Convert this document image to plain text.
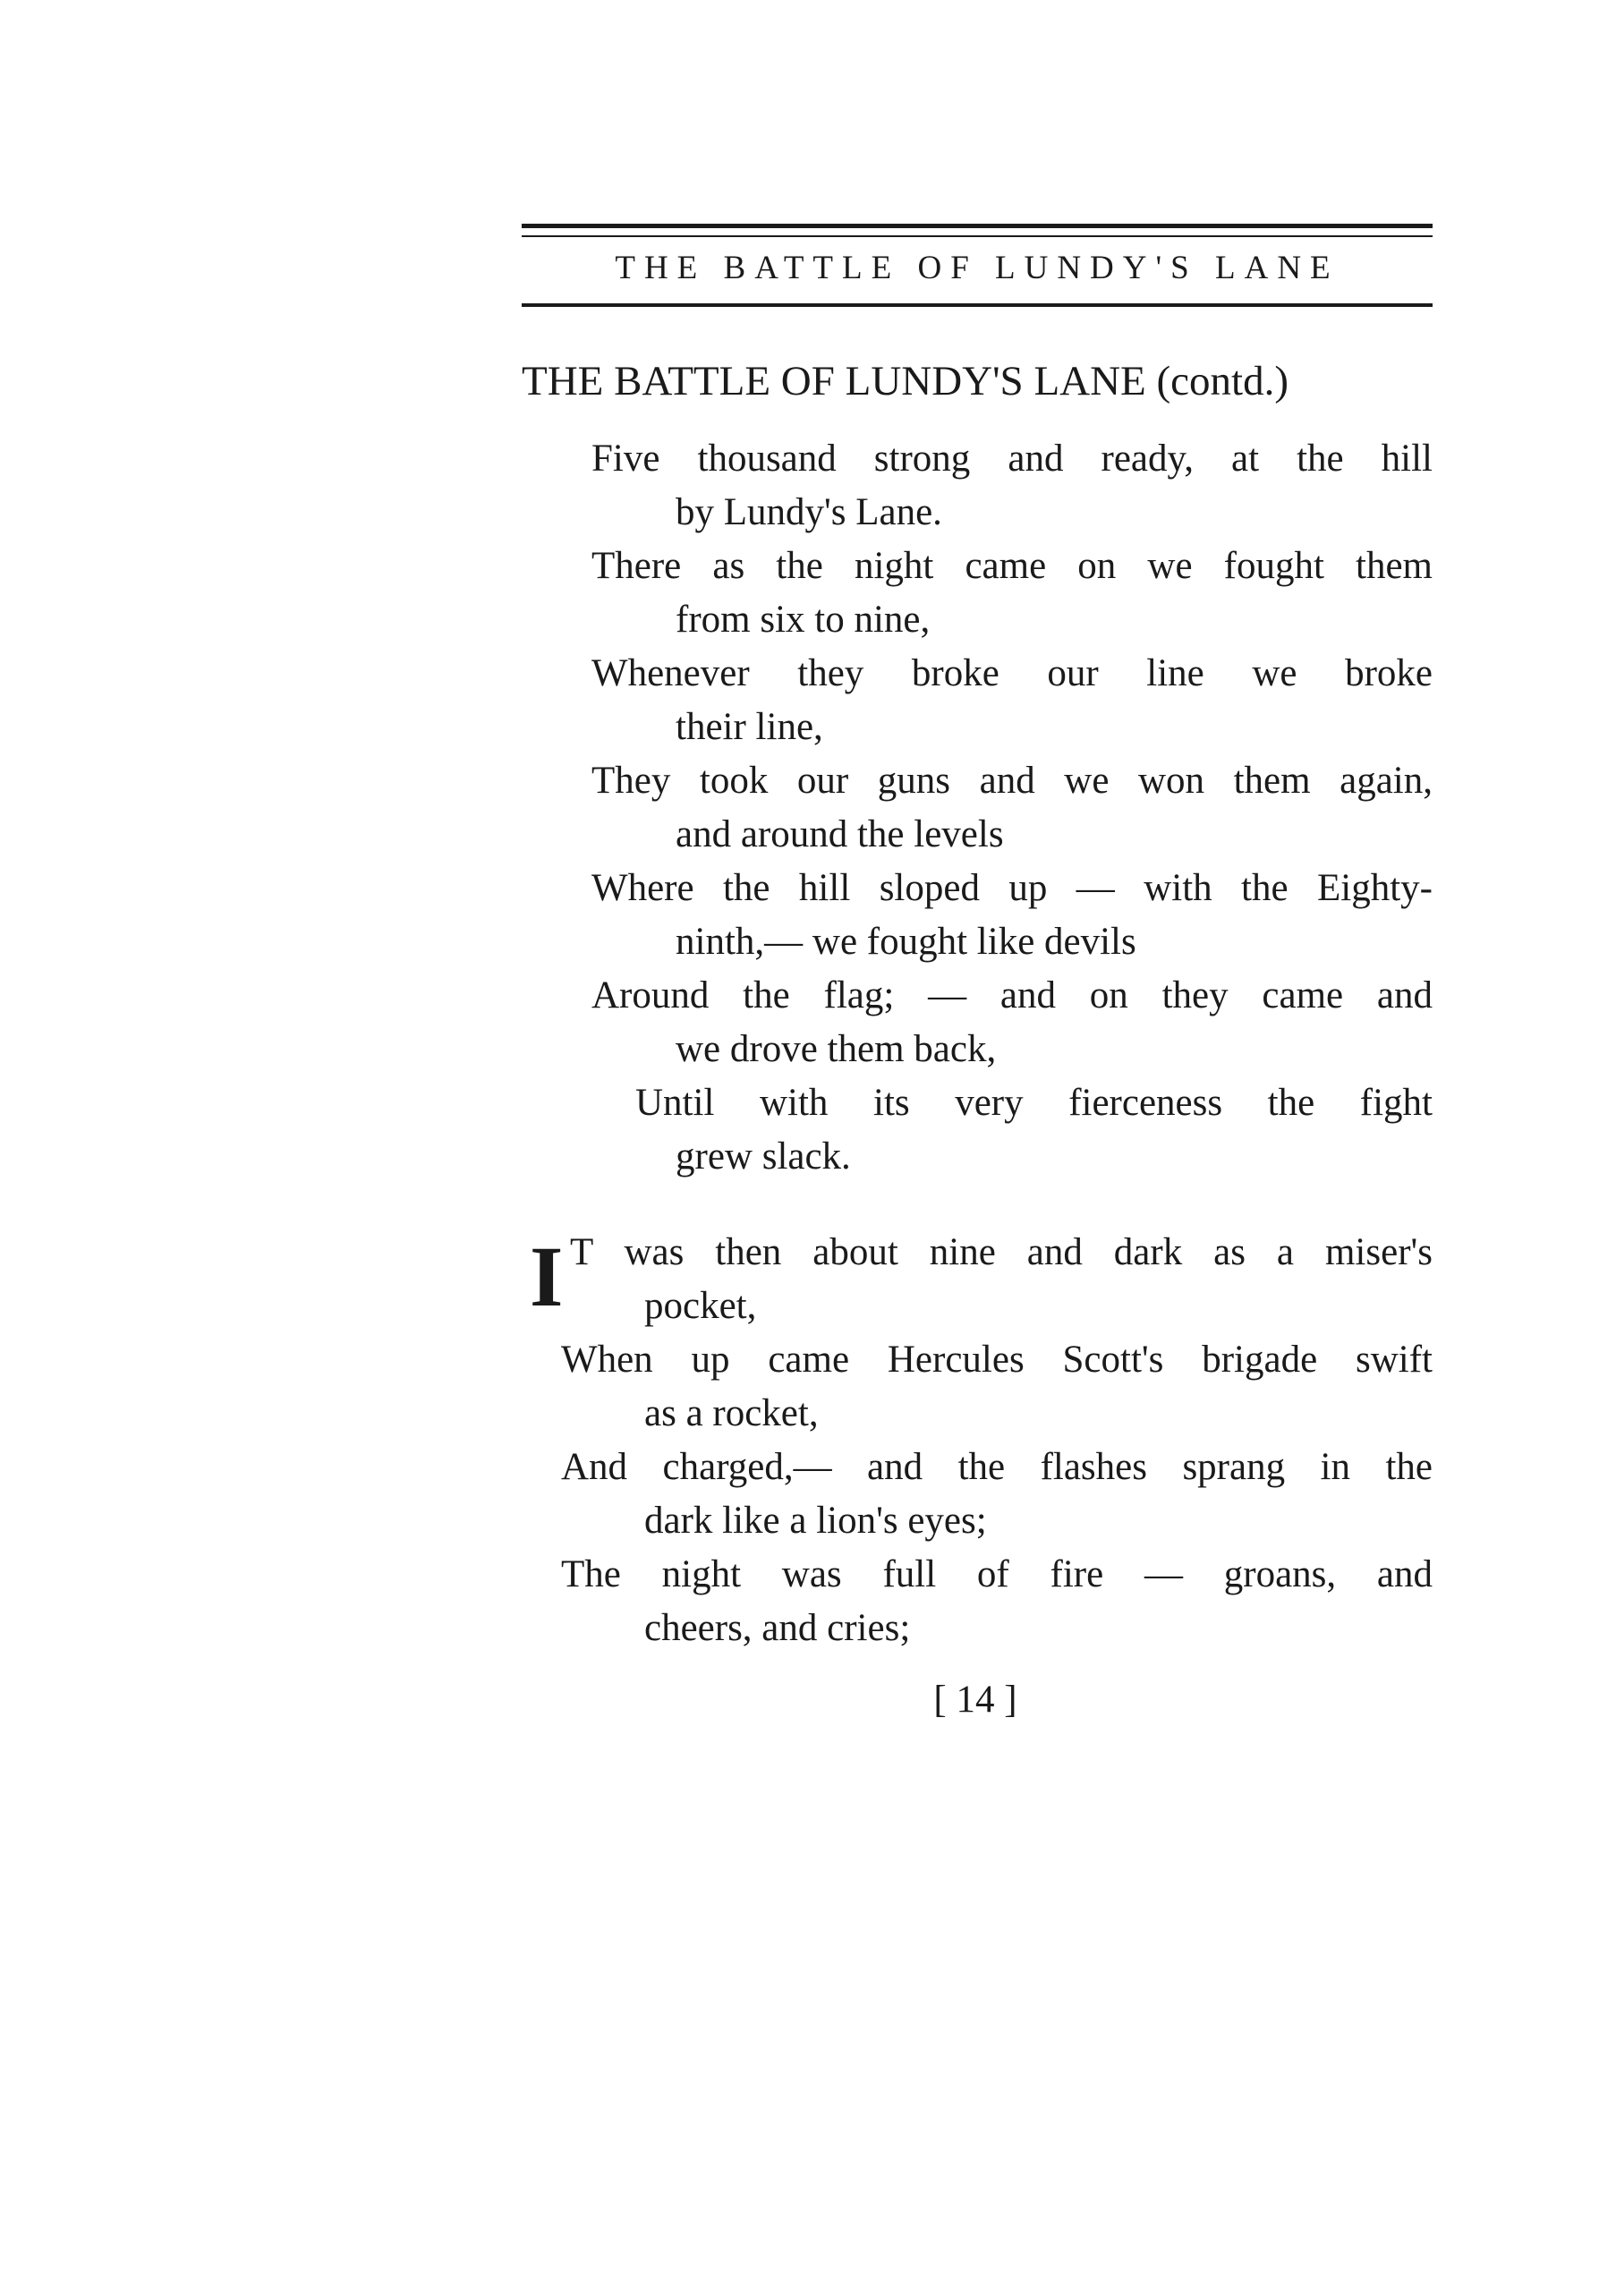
THE BATTLE OF LUNDY'S LANE
THE BATTLE OF LUNDY'S LANE (contd.)
Five thousand strong and ready, at the hill
by Lundy's Lane.
There as the night came on we fought them
from six to nine,
Whenever they broke our line we broke
their line,
They took our guns and we won them again,
and around the levels
Where the hill sloped up — with the Eighty-
ninth,— we fought like devils
Around the flag; — and on they came and
we drove them back,
Until with its very fierceness the fight
grew slack.
I T was then about nine and dark as a miser's
pocket,
When up came Hercules Scott's brigade swift
as a rocket,
And charged,— and the flashes sprang in the
dark like a lion's eyes;
The night was full of fire — groans, and
cheers, and cries;
[ 14 ]
